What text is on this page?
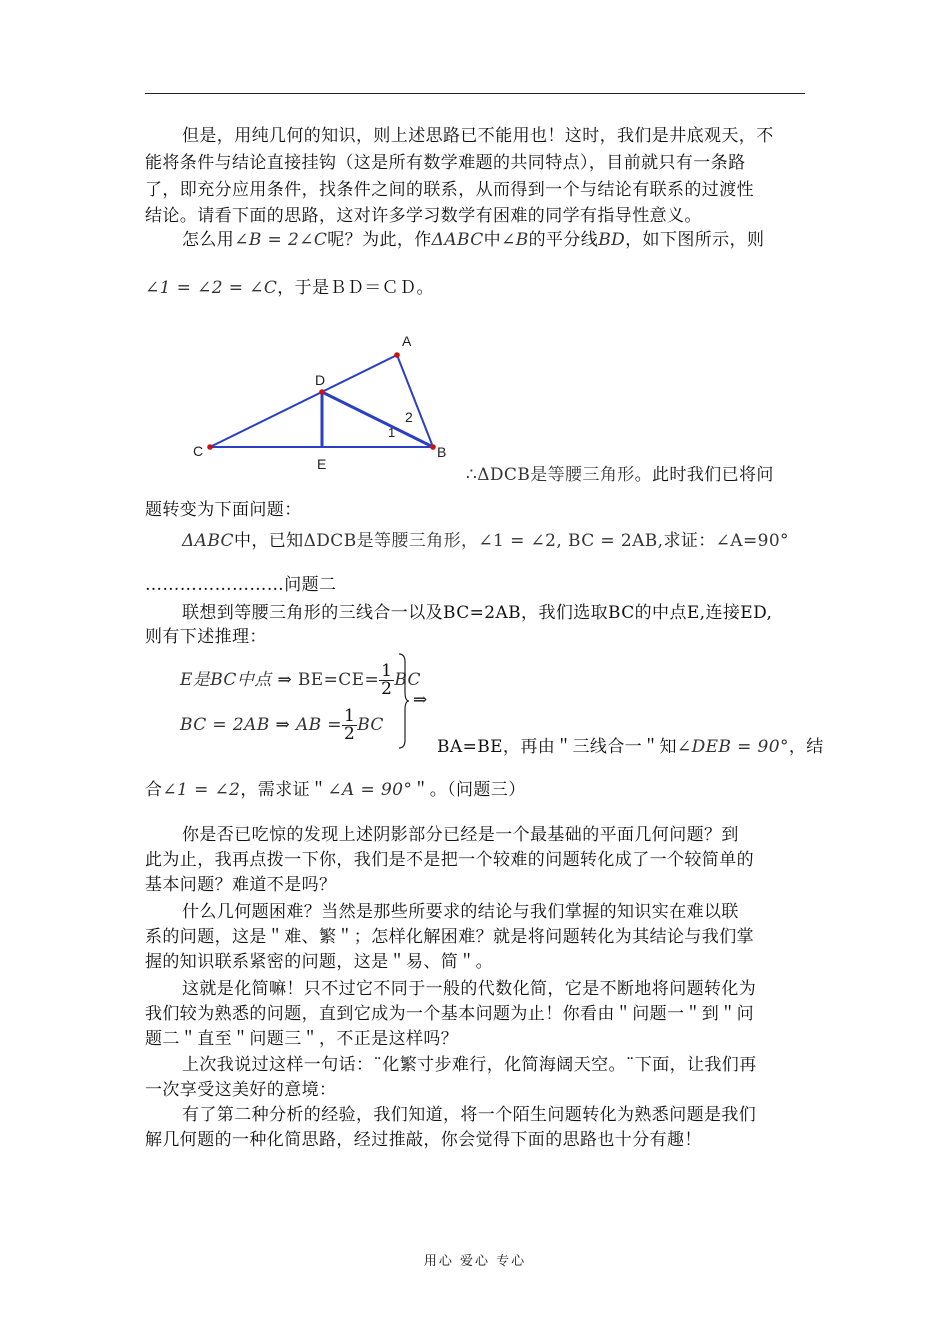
但是，用纯几何的知识，则上述思路已不能用也！这时，我们是井底观天，不
能将条件与结论直接挂钩（这是所有数学难题的共同特点），目前就只有一条路
了，即充分应用条件，找条件之间的联系，从而得到一个与结论有联系的过渡性
结论。请看下面的思路，这对许多学习数学有困难的同学有指导性意义。
怎么用∠B = 2∠C呢？为此，作ΔABC中∠B的平分线BD，如下图所示，则
∠1 = ∠2 = ∠C，于是ＢＤ＝ＣＤ。
A
B
C
D
E
1
2
∴ΔDCB是等腰三角形。此时我们已将问
题转变为下面问题：
ΔABC中，已知ΔDCB是等腰三角形，∠1 = ∠2, BC = 2AB,求证：∠A=90°
……………………问题二
联想到等腰三角形的三线合一以及BC=2AB，我们选取BC的中点E,连接ED,
则有下述推理：
E是BC中点 ⇒ $BE=CE= \frac{1}{2}$ BC
BC = 2AB ⇒ AB = $\frac{1}{2}$ BC
⇒
BA=BE，再由＂三线合一＂知∠DEB = 90°，结
合∠1 = ∠2，需求证＂∠A = 90°＂。（问题三）
你是否已吃惊的发现上述阴影部分已经是一个最基础的平面几何问题？到
此为止，我再点拨一下你，我们是不是把一个较难的问题转化成了一个较简单的
基本问题？难道不是吗？
什么几何题困难？当然是那些所要求的结论与我们掌握的知识实在难以联
系的问题，这是＂难、繁＂；怎样化解困难？就是将问题转化为其结论与我们掌
握的知识联系紧密的问题，这是＂易、简＂。
这就是化简嘛！只不过它不同于一般的代数化简，它是不断地将问题转化为
我们较为熟悉的问题，直到它成为一个基本问题为止！你看由＂问题一＂到＂问
题二＂直至＂问题三＂，不正是这样吗？
上次我说过这样一句话：¨化繁寸步难行，化简海阔天空。¨下面，让我们再
一次享受这美好的意境：
有了第二种分析的经验，我们知道，将一个陌生问题转化为熟悉问题是我们
解几何题的一种化简思路，经过推敲，你会觉得下面的思路也十分有趣！
用心 爱心 专心
